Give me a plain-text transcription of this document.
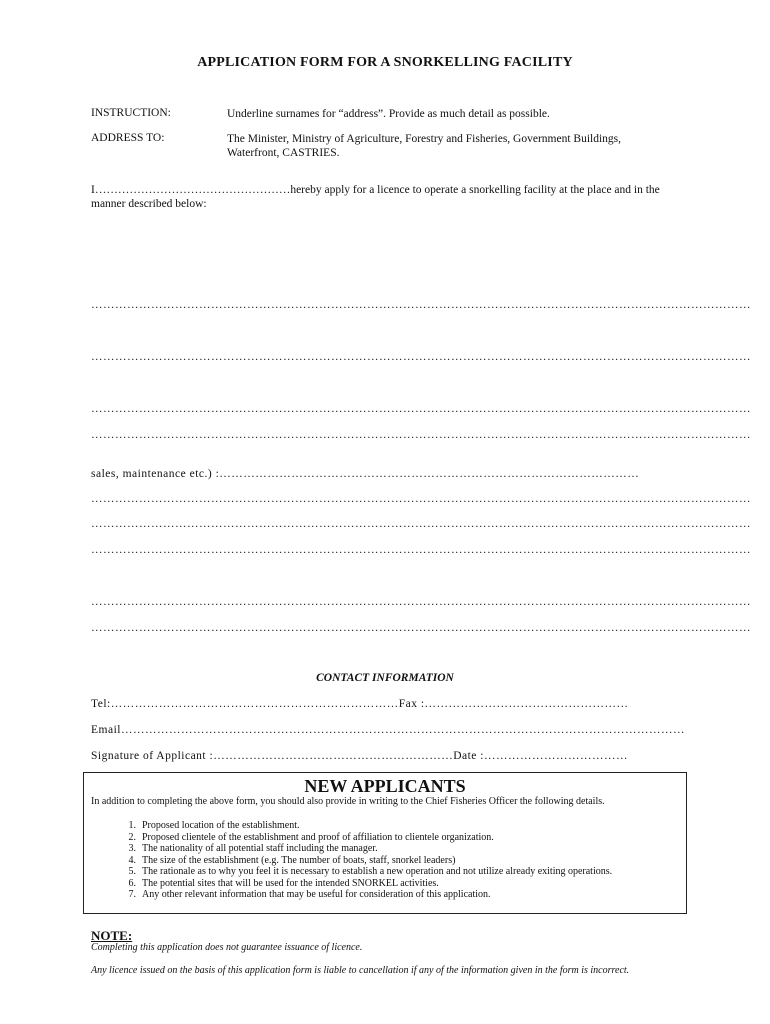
APPLICATION FORM FOR A SNORKELLING FACILITY
INSTRUCTION:	Underline surnames for “address”. Provide as much detail as possible.
ADDRESS TO:	The Minister, Ministry of Agriculture, Forestry and Fisheries, Government Buildings, Waterfront, CASTRIES.
I……………………………………………hereby apply for a licence to operate a snorkelling facility at the place and in the manner described below:
…………………………………………………………………………………………………………………………………………………
…………………………………………………………………………………………………………………………………………………
…………………………………………………………………………………………………………………………………………………
…………………………………………………………………………………………………………………………………………………
sales, maintenance etc.) :……………………………………………………………………………………………
…………………………………………………………………………………………………………………………………………………
…………………………………………………………………………………………………………………………………………………
…………………………………………………………………………………………………………………………………………………
…………………………………………………………………………………………………………………………………………………
…………………………………………………………………………………………………………………………………………………
CONTACT INFORMATION
Tel:………………………………………………………………Fax :……………………………………………
Email……………………………………………………………………………………………………………………………
Signature of Applicant :……………………………………………………Date :………………………………
NEW APPLICANTS
In addition to completing the above form, you should also provide in writing to the Chief Fisheries Officer the following details.
1. Proposed location of the establishment.
2. Proposed clientele of the establishment and proof of affiliation to clientele organization.
3. The nationality of all potential staff including the manager.
4. The size of the establishment (e.g. The number of boats, staff, snorkel leaders)
5. The rationale as to why you feel it is necessary to establish a new operation and not utilize already exiting operations.
6. The potential sites that will be used for the intended SNORKEL activities.
7. Any other relevant information that may be useful for consideration of this application.
NOTE:
Completing this application does not guarantee issuance of licence.
Any licence issued on the basis of this application form is liable to cancellation if any of the information given in the form is incorrect.
